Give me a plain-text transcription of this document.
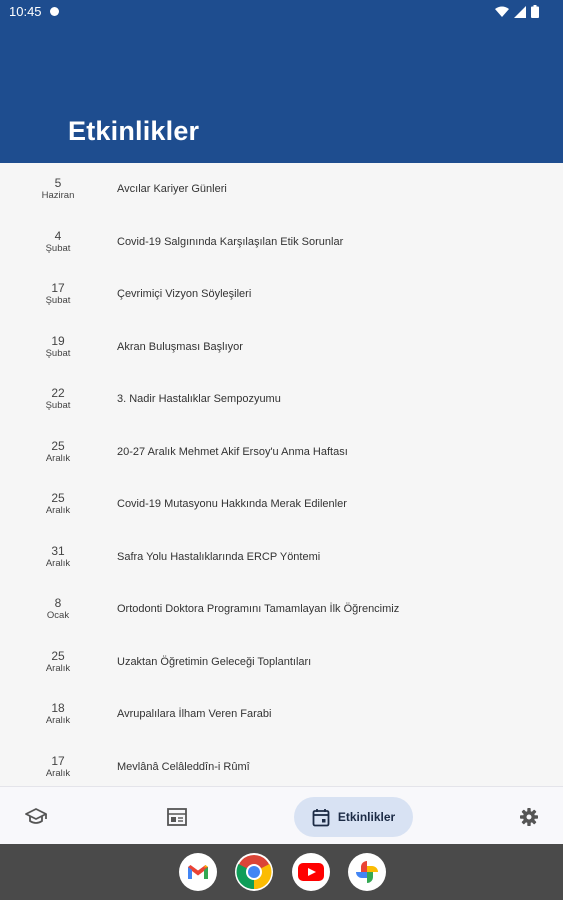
10:45
Etkinlikler
5
Haziran
Avcılar Kariyer Günleri
4
Şubat
Covid-19 Salgınında Karşılaşılan Etik Sorunlar
17
Şubat
Çevrimiçi Vizyon Söyleşileri
19
Şubat
Akran Buluşması Başlıyor
22
Şubat
3. Nadir Hastalıklar Sempozyumu
25
Aralık
20-27 Aralık Mehmet Akif Ersoy'u Anma Haftası
25
Aralık
Covid-19 Mutasyonu Hakkında Merak Edilenler
31
Aralık
Safra Yolu Hastalıklarında ERCP Yöntemi
8
Ocak
Ortodonti Doktora Programını Tamamlayan İlk Öğrencimiz
25
Aralık
Uzaktan Öğretimin Geleceği Toplantıları
18
Aralık
Avrupalılara İlham Veren Farabi
17
Aralık
Mevlânâ Celâleddîn-i Rûmî
Etkinlikler
